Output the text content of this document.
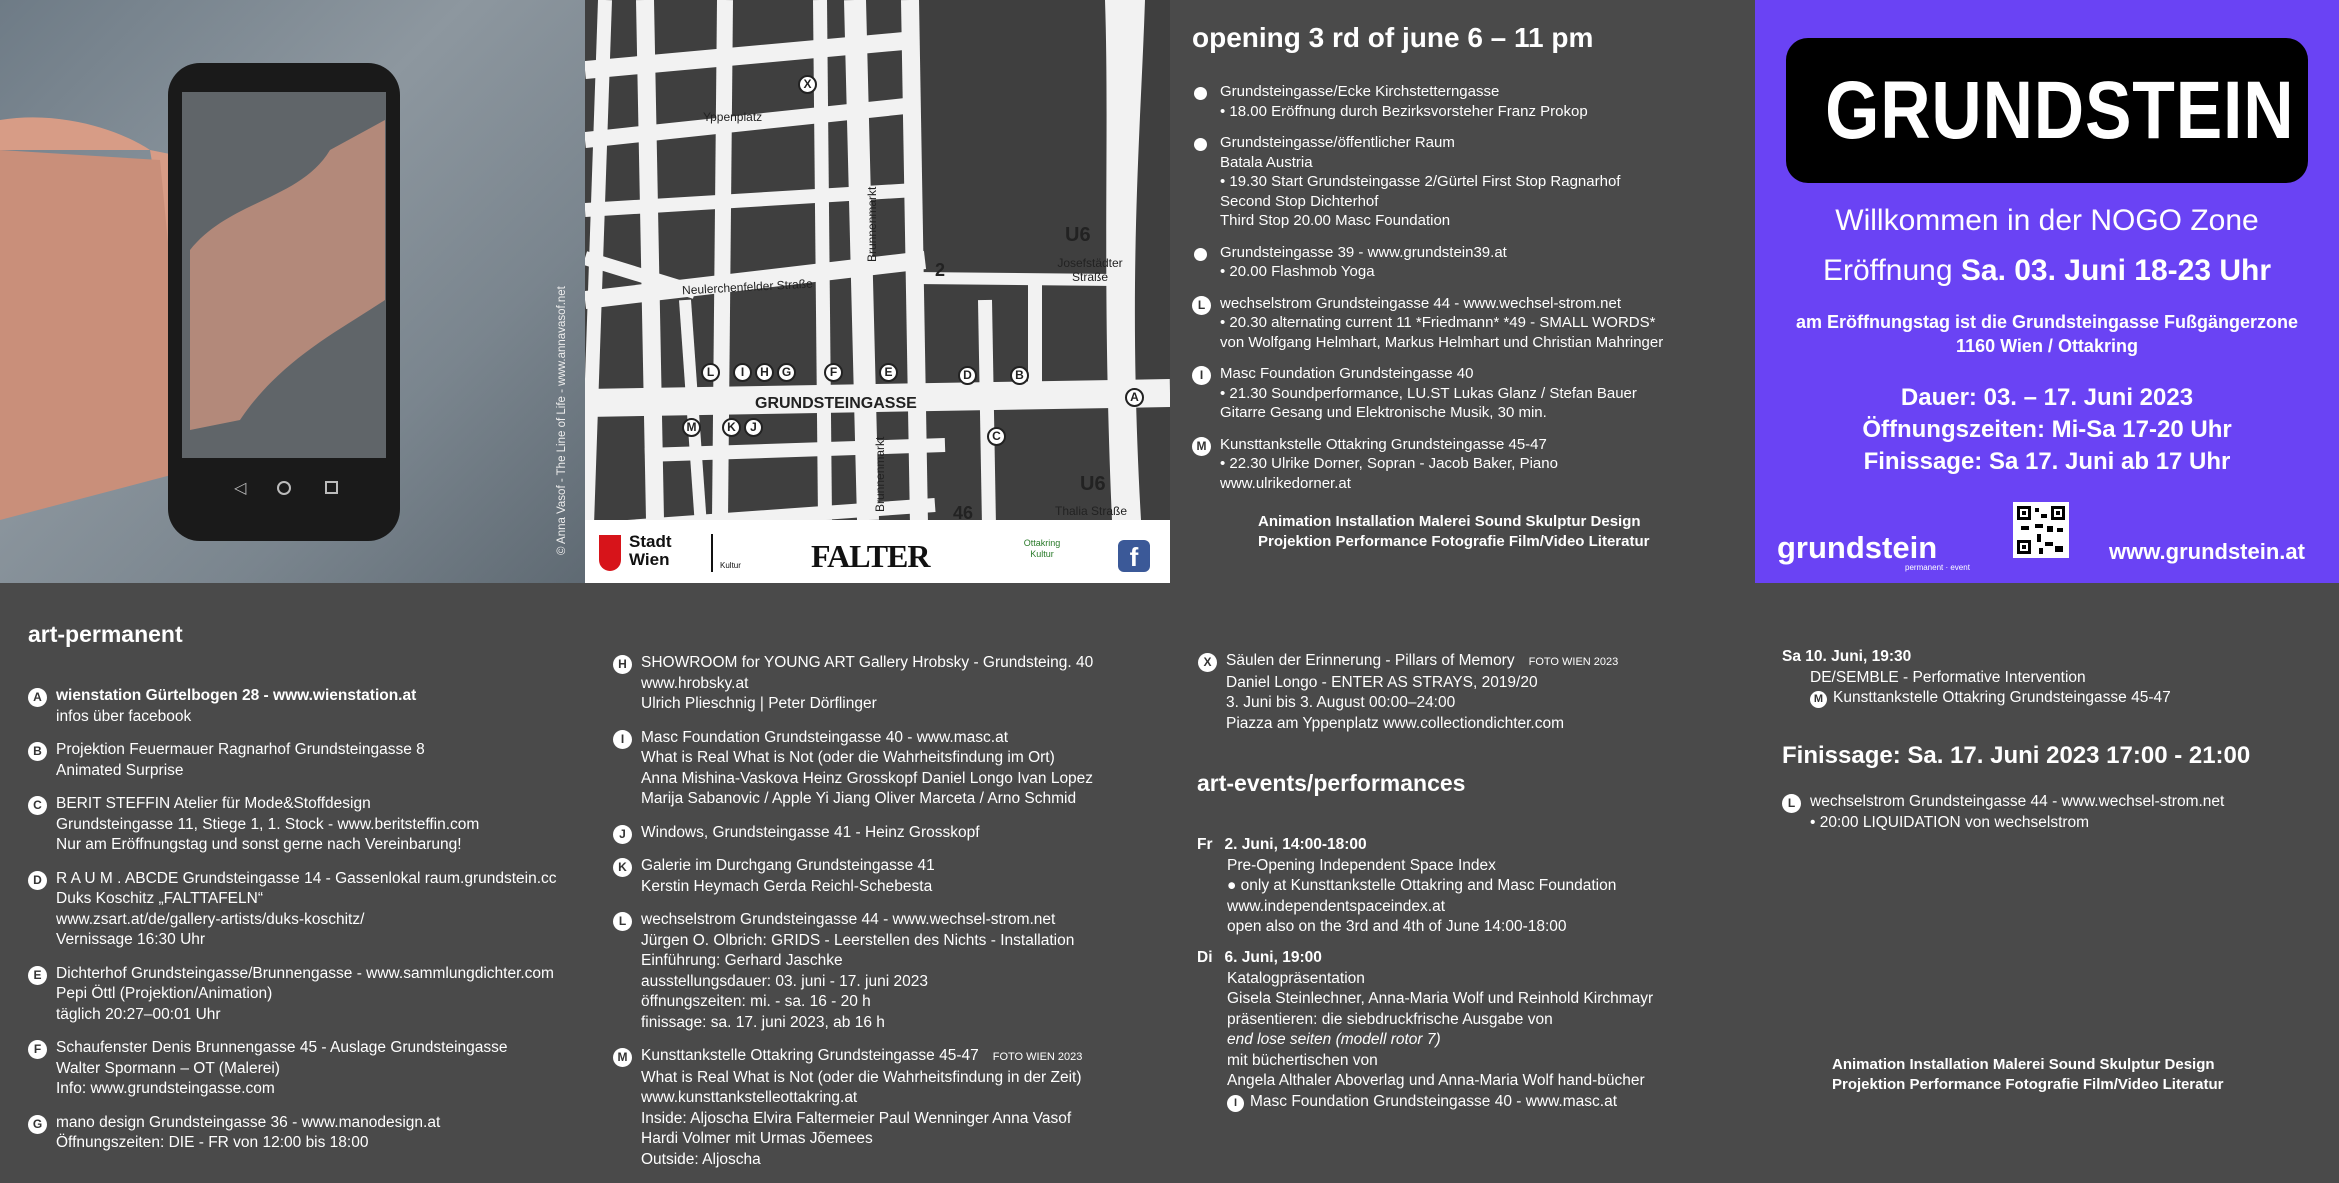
◁	© Anna Vasof - The Line of Life - www.annavasof.net
Yppenplatz
Neulerchenfelder Straße
Brunnenmarkt
Brunnenmarkt
Josefstädter Straße
Thalia Straße
U6
U6
2
46
GRUNDSTEINGASSE
X
L	I	H	G	F	E	D	B
A
M	K	J
C
Stadt
Wien	Kultur FALTER	Ottakring
Kultur	f
opening 3 rd of june 6 – 11 pm
Grundsteingasse/Ecke Kirchstetterngasse
• 18.00 Eröffnung durch Bezirksvorsteher Franz Prokop
Grundsteingasse/öffentlicher Raum
Batala Austria
• 19.30 Start Grundsteingasse 2/Gürtel First Stop Ragnarhof
Second Stop Dichterhof
Third Stop 20.00 Masc Foundation
Grundsteingasse 39 - www.grundstein39.at
• 20.00 Flashmob Yoga
L wechselstrom Grundsteingasse 44 - www.wechsel-strom.net
• 20.30 alternating current 11 *Friedmann* *49 - SMALL WORDS*
von Wolfgang Helmhart, Markus Helmhart und Christian Mahringer
I	Masc Foundation Grundsteingasse 40
• 21.30 Soundperformance, LU.ST Lukas Glanz / Stefan Bauer
Gitarre Gesang und Elektronische Musik, 30 min.
M Kunsttankstelle Ottakring Grundsteingasse 45-47
• 22.30 Ulrike Dorner, Sopran - Jacob Baker, Piano
www.ulrikedorner.at
Animation Installation Malerei Sound Skulptur Design
Projektion Performance Fotografie Film/Video Literatur
GRUNDSTEIN
Willkommen in der NOGO Zone
Eröffnung Sa. 03. Juni 18-23 Uhr
am Eröffnungstag ist die Grundsteingasse Fußgängerzone
1160 Wien / Ottakring
Dauer: 03. – 17. Juni 2023
Öffnungszeiten: Mi-Sa 17-20 Uhr
Finissage: Sa 17. Juni ab 17 Uhr
grundstein
permanent · event
www.grundstein.at
art-permanent
A wienstation Gürtelbogen 28 - www.wienstation.at
infos über facebook
B Projektion Feuermauer Ragnarhof Grundsteingasse 8
Animated Surprise
C BERIT STEFFIN Atelier für Mode&Stoffdesign
Grundsteingasse 11, Stiege 1, 1. Stock - www.beritsteffin.com
Nur am Eröffnungstag und sonst gerne nach Vereinbarung!
D R A U M . ABCDE Grundsteingasse 14 - Gassenlokal raum.grundstein.cc
Duks Koschitz „FALTTAFELN“
www.zsart.at/de/gallery-artists/duks-koschitz/
Vernissage 16:30 Uhr
E Dichterhof Grundsteingasse/Brunnengasse - www.sammlungdichter.com
Pepi Öttl (Projektion/Animation)
täglich 20:27–00:01 Uhr
F Schaufenster Denis Brunnengasse 45 - Auslage Grundsteingasse
Walter Spormann – OT (Malerei)
Info: www.grundsteingasse.com
G mano design Grundsteingasse 36 - www.manodesign.at
Öffnungszeiten: DIE - FR von 12:00 bis 18:00
H SHOWROOM for YOUNG ART Gallery Hrobsky - Grundsteing. 40
www.hrobsky.at
Ulrich Plieschnig | Peter Dörflinger
I	Masc Foundation Grundsteingasse 40 - www.masc.at
What is Real What is Not (oder die Wahrheitsfindung im Ort)
Anna Mishina-Vaskova Heinz Grosskopf Daniel Longo Ivan Lopez
Marija Sabanovic / Apple Yi Jiang Oliver Marceta / Arno Schmid
J Windows, Grundsteingasse 41 - Heinz Grosskopf
K Galerie im Durchgang Grundsteingasse 41
Kerstin Heymach Gerda Reichl-Schebesta
L wechselstrom Grundsteingasse 44 - www.wechsel-strom.net
Jürgen O. Olbrich: GRIDS - Leerstellen des Nichts - Installation
Einführung: Gerhard Jaschke
ausstellungsdauer: 03. juni - 17. juni 2023
öffnungszeiten: mi. - sa. 16 - 20 h
finissage: sa. 17. juni 2023, ab 16 h
M Kunsttankstelle Ottakring Grundsteingasse 45-47 FOTO WIEN 2023
What is Real What is Not (oder die Wahrheitsfindung in der Zeit)
www.kunsttankstelleottakring.at
Inside: Aljoscha Elvira Faltermeier Paul Wenninger Anna Vasof
Hardi Volmer mit Urmas Jõemees
Outside: Aljoscha
X Säulen der Erinnerung - Pillars of Memory FOTO WIEN 2023
Daniel Longo - ENTER AS STRAYS, 2019/20
3. Juni bis 3. August 00:00–24:00
Piazza am Yppenplatz www.collectiondichter.com
art-events/performances
Fr 2. Juni, 14:00-18:00
Pre-Opening Independent Space Index
● only at Kunsttankstelle Ottakring and Masc Foundation
www.independentspaceindex.at
open also on the 3rd and 4th of June 14:00-18:00
Di 6. Juni, 19:00
Katalogpräsentation
Gisela Steinlechner, Anna-Maria Wolf und Reinhold Kirchmayr
präsentieren: die siebdruckfrische Ausgabe von
end lose seiten (modell rotor 7)
mit büchertischen von
Angela Althaler Aboverlag und Anna-Maria Wolf hand-bücher
I Masc Foundation Grundsteingasse 40 - www.masc.at
Sa 10. Juni, 19:30
DE/SEMBLE - Performative Intervention
M Kunsttankstelle Ottakring Grundsteingasse 45-47
Finissage: Sa. 17. Juni 2023 17:00 - 21:00
L wechselstrom Grundsteingasse 44 - www.wechsel-strom.net
• 20:00 LIQUIDATION von wechselstrom
Animation Installation Malerei Sound Skulptur Design
Projektion Performance Fotografie Film/Video Literatur
